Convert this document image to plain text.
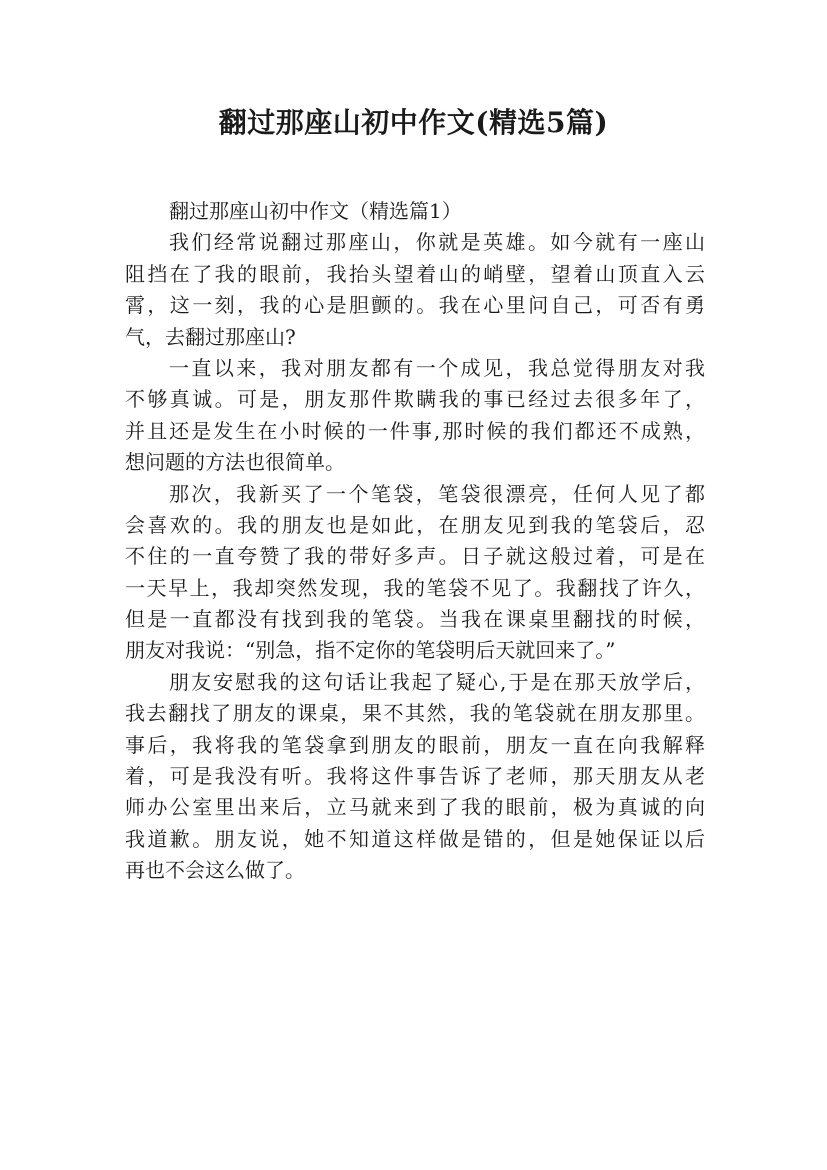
翻过那座山初中作文(精选5篇)
翻过那座山初中作文（精选篇1）
我们经常说翻过那座山，你就是英雄。如今就有一座山
阻挡在了我的眼前，我抬头望着山的峭壁，望着山顶直入云
霄，这一刻，我的心是胆颤的。我在心里问自己，可否有勇
气，去翻过那座山?
一直以来，我对朋友都有一个成见，我总觉得朋友对我
不够真诚。可是，朋友那件欺瞒我的事已经过去很多年了，
并且还是发生在小时候的一件事,那时候的我们都还不成熟，
想问题的方法也很简单。
那次，我新买了一个笔袋，笔袋很漂亮，任何人见了都
会喜欢的。我的朋友也是如此，在朋友见到我的笔袋后，忍
不住的一直夸赞了我的带好多声。日子就这般过着，可是在
一天早上，我却突然发现，我的笔袋不见了。我翻找了许久，
但是一直都没有找到我的笔袋。当我在课桌里翻找的时候，
朋友对我说：“别急，指不定你的笔袋明后天就回来了。”
朋友安慰我的这句话让我起了疑心,于是在那天放学后，
我去翻找了朋友的课桌，果不其然，我的笔袋就在朋友那里。
事后，我将我的笔袋拿到朋友的眼前，朋友一直在向我解释
着，可是我没有听。我将这件事告诉了老师，那天朋友从老
师办公室里出来后，立马就来到了我的眼前，极为真诚的向
我道歉。朋友说，她不知道这样做是错的，但是她保证以后
再也不会这么做了。
